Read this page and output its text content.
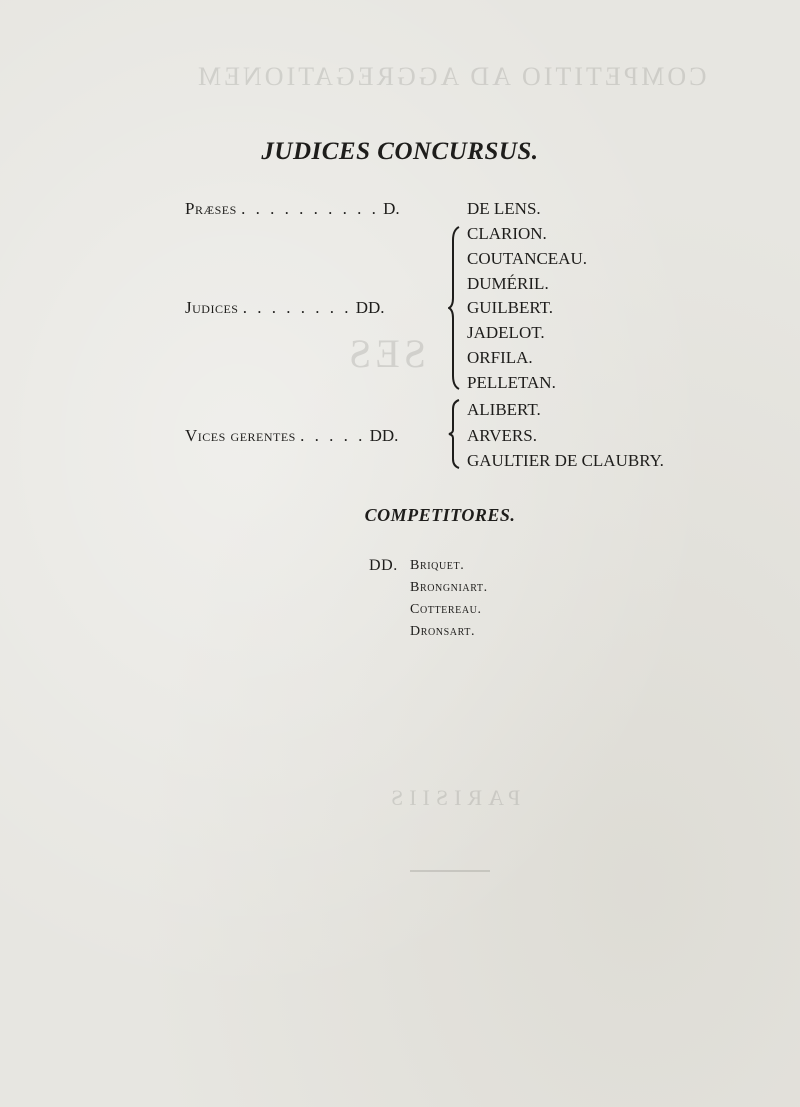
COMPETITIO AD AGGREGATIONEM
SES
PARISIIS
JUDICES CONCURSUS.
Præses . . . . . . . . . . D.	DE LENS.
Judices . . . . . . . . DD.
CLARION.
COUTANCEAU.
DUMÉRIL.
GUILBERT.
JADELOT.
ORFILA.
PELLETAN.
Vices gerentes . . . . . DD.
ALIBERT.
ARVERS.
GAULTIER DE CLAUBRY.
COMPETITORES.
DD. Briquet.
Brongniart.
Cottereau.
Dronsart.
